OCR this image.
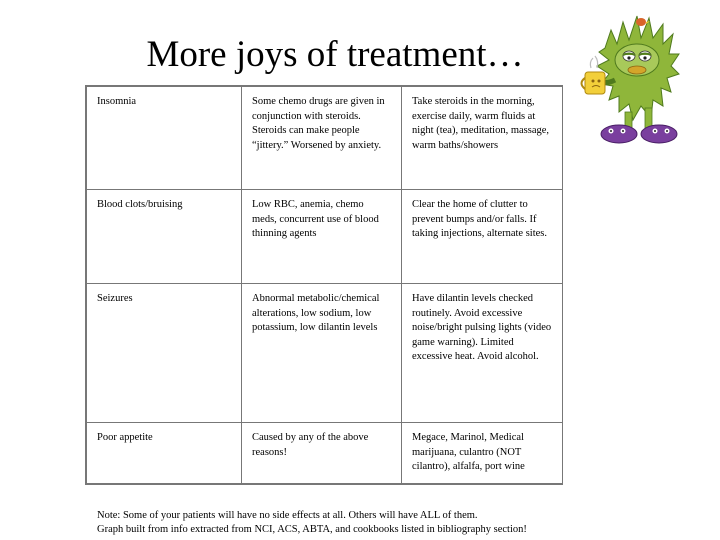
More joys of treatment…
Insomnia	Some chemo drugs are given in conjunction with steroids. Steroids can make people “jittery.” Worsened by anxiety.	Take steroids in the morning, exercise daily, warm fluids at night (tea), meditation, massage, warm baths/showers
Blood clots/bruising	Low RBC, anemia, chemo meds, concurrent use of blood thinning agents	Clear the home of clutter to prevent bumps and/or falls. If taking injections, alternate sites.
Seizures	Abnormal metabolic/chemical alterations, low sodium, low potassium, low dilantin levels	Have dilantin levels checked routinely. Avoid excessive noise/bright pulsing lights (video game warning). Limited excessive heat. Avoid alcohol.
Poor appetite	Caused by any of the above reasons!	Megace, Marinol, Medical marijuana, culantro (NOT cilantro), alfalfa, port wine
Note: Some of your patients will have no side effects at all. Others will have ALL of them.
Graph built from info extracted from NCI, ACS, ABTA, and cookbooks listed in bibliography section!
